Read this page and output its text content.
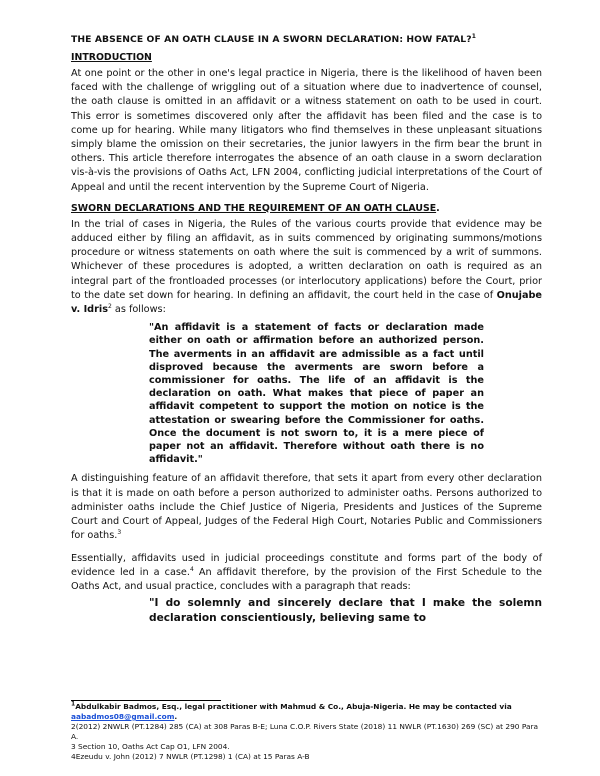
THE ABSENCE OF AN OATH CLAUSE IN A SWORN DECLARATION: HOW FATAL?$^1$
INTRODUCTION

At one point or the other in one's legal practice in Nigeria, there is the likelihood of haven been faced with the challenge of wriggling out of a situation where due to inadvertence of counsel, the oath clause is omitted in an affidavit or a witness statement on oath to be used in court. This error is sometimes discovered only after the affidavit has been filed and the case is to come up for hearing. While many litigators who find themselves in these unpleasant situations simply blame the omission on their secretaries, the junior lawyers in the firm bear the brunt in others. This article therefore interrogates the absence of an oath clause in a sworn declaration vis-à-vis the provisions of Oaths Act, LFN 2004, conflicting judicial interpretations of the Court of Appeal and until the recent intervention by the Supreme Court of Nigeria.

SWORN DECLARATIONS AND THE REQUIREMENT OF AN OATH CLAUSE.

In the trial of cases in Nigeria, the Rules of the various courts provide that evidence may be adduced either by filing an affidavit, as in suits commenced by originating summons/motions procedure or witness statements on oath where the suit is commenced by a writ of summons. Whichever of these procedures is adopted, a written declaration on oath is required as an integral part of the frontloaded processes (or interlocutory applications) before the Court, prior to the date set down for hearing. In defining an affidavit, the court held in the case of Onujabe v. Idris$^2$ as follows:

"An affidavit is a statement of facts or declaration made either on oath or affirmation before an authorized person. The averments in an affidavit are admissible as a fact until disproved because the averments are sworn before a commissioner for oaths. The life of an affidavit is the declaration on oath. What makes that piece of paper an affidavit competent to support the motion on notice is the attestation or swearing before the Commissioner for oaths. Once the document is not sworn to, it is a mere piece of paper not an affidavit. Therefore without oath there is no affidavit."

A distinguishing feature of an affidavit therefore, that sets it apart from every other declaration is that it is made on oath before a person authorized to administer oaths. Persons authorized to administer oaths include the Chief Justice of Nigeria, Presidents and Justices of the Supreme Court and Court of Appeal, Judges of the Federal High Court, Notaries Public and Commissioners for oaths.$^3$

Essentially, affidavits used in judicial proceedings constitute and forms part of the body of evidence led in a case.$^4$ An affidavit therefore, by the provision of the First Schedule to the Oaths Act, and usual practice, concludes with a paragraph that reads:

"I do solemnly and sincerely declare that I make the solemn declaration conscientiously, believing same to

$^1$Abdulkabir Badmos, Esq., legal practitioner with Mahmud & Co., Abuja-Nigeria. He may be contacted via aabadmos08@gmail.com.

2(2012) 2NWLR (PT.1284) 285 (CA) at 308 Paras B-E; Luna C.O.P. Rivers State (2018) 11 NWLR (PT.1630) 269 (SC) at 290 Para A.

3 Section 10, Oaths Act Cap O1, LFN 2004.

4Ezeudu v. John (2012) 7 NWLR (PT.1298) 1 (CA) at 15 Paras A-B
